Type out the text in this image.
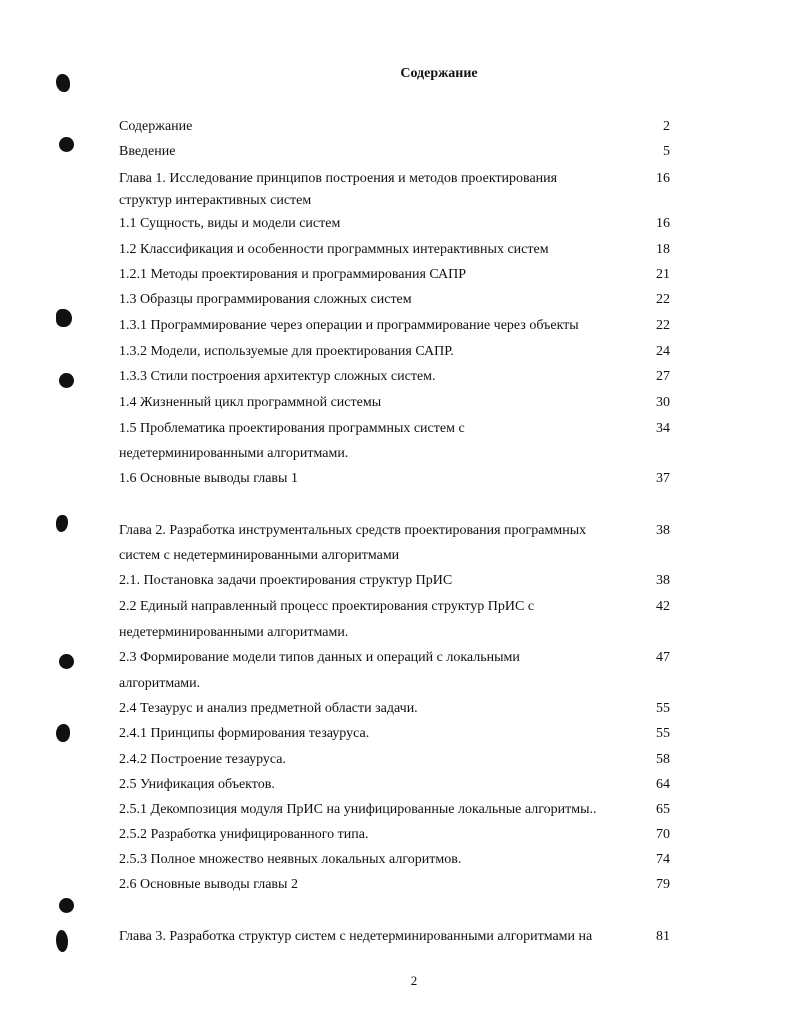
Содержание
Содержание	2
Введение	5
Глава 1. Исследование принципов построения и методов проектирования	16
структур интерактивных систем
1.1 Сущность, виды и модели систем	16
1.2 Классификация и особенности программных интерактивных систем	18
1.2.1 Методы проектирования и программирования САПР	21
1.3 Образцы программирования сложных систем	22
1.3.1 Программирование через операции и программирование через объекты	22
1.3.2 Модели, используемые для проектирования САПР.	24
1.3.3 Стили построения архитектур сложных систем.	27
1.4 Жизненный цикл программной системы	30
1.5 Проблематика проектирования программных систем с	34
недетерминированными алгоритмами.
1.6 Основные выводы главы 1	37
Глава 2. Разработка инструментальных средств проектирования программных	38
систем с недетерминированными алгоритмами
2.1. Постановка задачи проектирования структур ПрИС	38
2.2 Единый направленный процесс проектирования структур ПрИС с	42
недетерминированными алгоритмами.
2.3 Формирование модели типов данных и операций с локальными	47
алгоритмами.
2.4 Тезаурус и анализ предметной области задачи.	55
2.4.1 Принципы формирования тезауруса.	55
2.4.2 Построение тезауруса.	58
2.5 Унификация объектов.	64
2.5.1 Декомпозиция модуля ПрИС на унифицированные локальные алгоритмы..	65
2.5.2 Разработка унифицированного типа.	70
2.5.3 Полное множество неявных локальных алгоритмов.	74
2.6 Основные выводы главы 2	79
Глава 3. Разработка структур систем с недетерминированными алгоритмами на	81
2
